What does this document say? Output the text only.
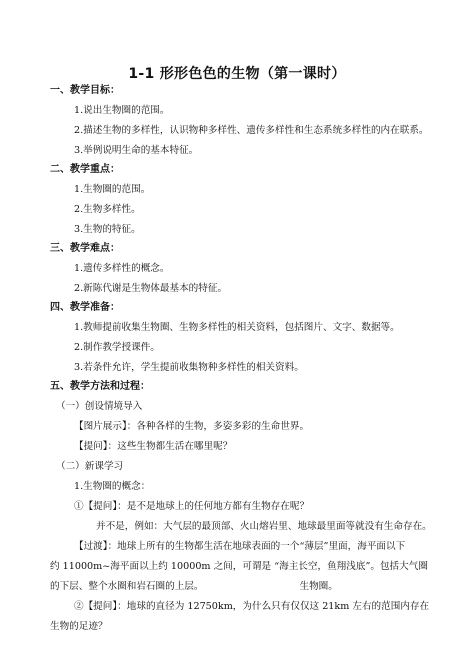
1-1 形形色色的生物（第一课时）
一、教学目标：
1.说出生物圈的范围。
2.描述生物的多样性，认识物种多样性、遗传多样性和生态系统多样性的内在联系。
3.举例说明生命的基本特征。
二、教学重点：
1.生物圈的范围。
2.生物多样性。
3.生物的特征。
三、教学难点：
1.遗传多样性的概念。
2.新陈代谢是生物体最基本的特征。
四、教学准备：
1.教师提前收集生物圈、生物多样性的相关资料，包括图片、文字、数据等。
2.制作教学授课件。
3.若条件允许，学生提前收集物种多样性的相关资料。
五、教学方法和过程：
（一）创设情境导入
【图片展示】：各种各样的生物，多姿多彩的生命世界。
【提问】：这些生物都生活在哪里呢？
（二）新课学习
1.生物圈的概念：
①【提问】：是不是地球上的任何地方都有生物存在呢？
并不是，例如：大气层的最顶部、火山熔岩里、地球最里面等就没有生命存在。
【过渡】：地球上所有的生物都生活在地球表面的一个“薄层”里面，海平面以下
约 11000m~海平面以上约 10000m 之间，可谓是 “海主长空，鱼翔浅底”。包括大气圈
的下层、整个水圈和岩石圈的上层。	生物圈。
②【提问】：地球的直径为 12750km，为什么只有仅仅这 21km 左右的范围内存在
生物的足迹？
